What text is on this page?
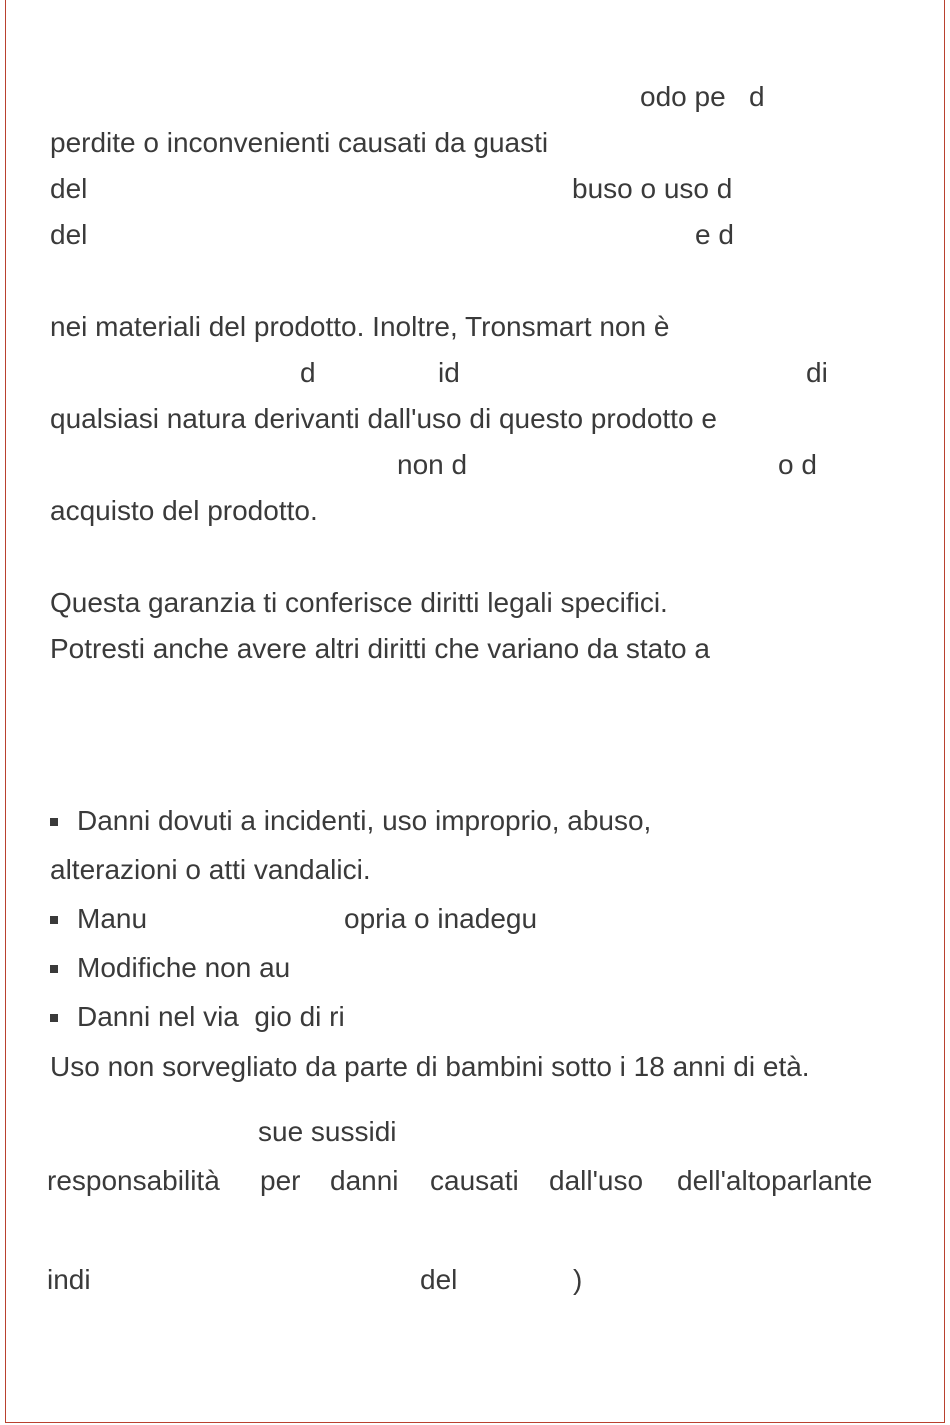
odo pe   d
perdite o inconvenienti causati da guasti
del	buso o uso d
del	e d
nei materiali del prodotto. Inoltre, Tronsmart non è
d	id	di
qualsiasi natura derivanti dall'uso di questo prodotto e
non d	o d
acquisto del prodotto.
Questa garanzia ti conferisce diritti legali specifici.
Potresti anche avere altri diritti che variano da stato a
Danni dovuti a incidenti, uso improprio, abuso,
alterazioni o atti vandalici.
Manu	opria o inadegu
Modifiche non au
Danni nel via  gio di ri
Uso non sorvegliato da parte di bambini sotto i 18 anni di età.
sue sussidi
responsabilità per danni causati dall'uso dell'altoparlante
indi	del	)
